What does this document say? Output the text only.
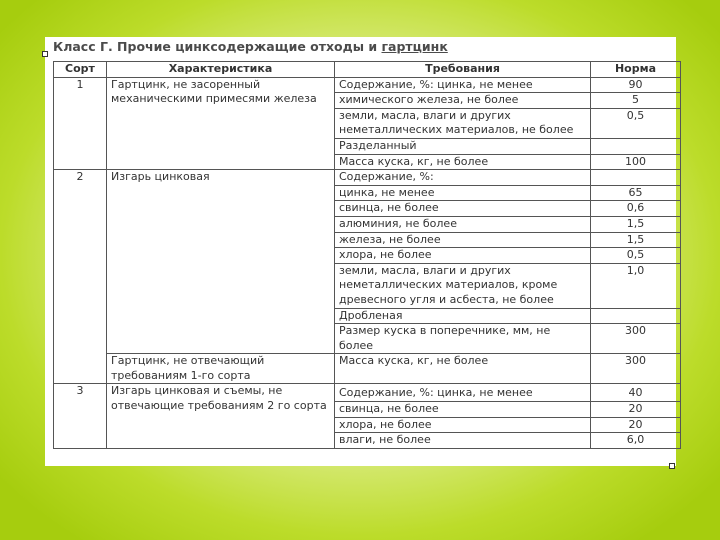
Класс Г. Прочие цинксодержащие отходы и гартцинк
Сорт	Характеристика	Требования	Норма
1	Гартцинк, не засоренный механическими примесями железа	Содержание, %: цинка, не менее	90
		химического железа, не более	5
		земли, масла, влаги и других неметаллических материалов, не более	0,5
		Разделанный	
		Масса куска, кг, не более	100
2	Изгарь цинковая	Содержание, %:	
		цинка, не менее	65
		свинца, не более	0,6
		алюминия, не более	1,5
		железа, не более	1,5
		хлора, не более	0,5
		земли, масла, влаги и других неметаллических материалов, кроме древесного угля и асбеста, не более	1,0
		Дробленая	
		Размер куска в поперечнике, мм, не более	300
	Гартцинк, не отвечающий требованиям 1-го сорта	Масса куска, кг, не более	300
3	Изгарь цинковая и съемы, не отвечающие требованиям 2 го сорта	Содержание, %: цинка, не менее	40
		свинца, не более	20
		хлора, не более	20
		влаги, не более	6,0
